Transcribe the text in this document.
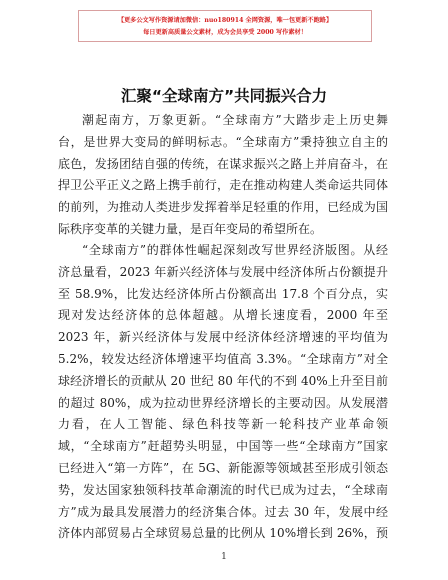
【更多公文写作资源请加微信：nuo180914 全网资源，唯一包更新不跑路】
每日更新高质量公文素材，成为会员享受 2000 写作素材！
汇聚“全球南方”共同振兴合力
潮起南方，万象更新。“全球南方”大踏步走上历史舞
台，是世界大变局的鲜明标志。“全球南方”秉持独立自主的
底色，发扬团结自强的传统，在谋求振兴之路上并肩奋斗，在
捍卫公平正义之路上携手前行，走在推动构建人类命运共同体
的前列，为推动人类进步发挥着举足轻重的作用，已经成为国
际秩序变革的关键力量，是百年变局的希望所在。
“全球南方”的群体性崛起深刻改写世界经济版图。从经
济总量看，2023 年新兴经济体与发展中经济体所占份额提升
至 58.9%，比发达经济体所占份额高出 17.8 个百分点，实
现对发达经济体的总体超越。从增长速度看，2000 年至
2023 年，新兴经济体与发展中经济体经济增速的平均值为
5.2%，较发达经济体增速平均值高 3.3%。“全球南方”对全
球经济增长的贡献从 20 世纪 80 年代的不到 40%上升至目前
的超过 80%，成为拉动世界经济增长的主要动因。从发展潜
力看，在人工智能、绿色科技等新一轮科技产业革命领
域，“全球南方”赶超势头明显，中国等一些“全球南方”国家
已经进入“第一方阵”，在 5G、新能源等领域甚至形成引领态
势，发达国家独领科技革命潮流的时代已成为过去，“全球南
方”成为最具发展潜力的经济集合体。过去 30 年，发展中经
济体内部贸易占全球贸易总量的比例从 10%增长到 26%，预
1
